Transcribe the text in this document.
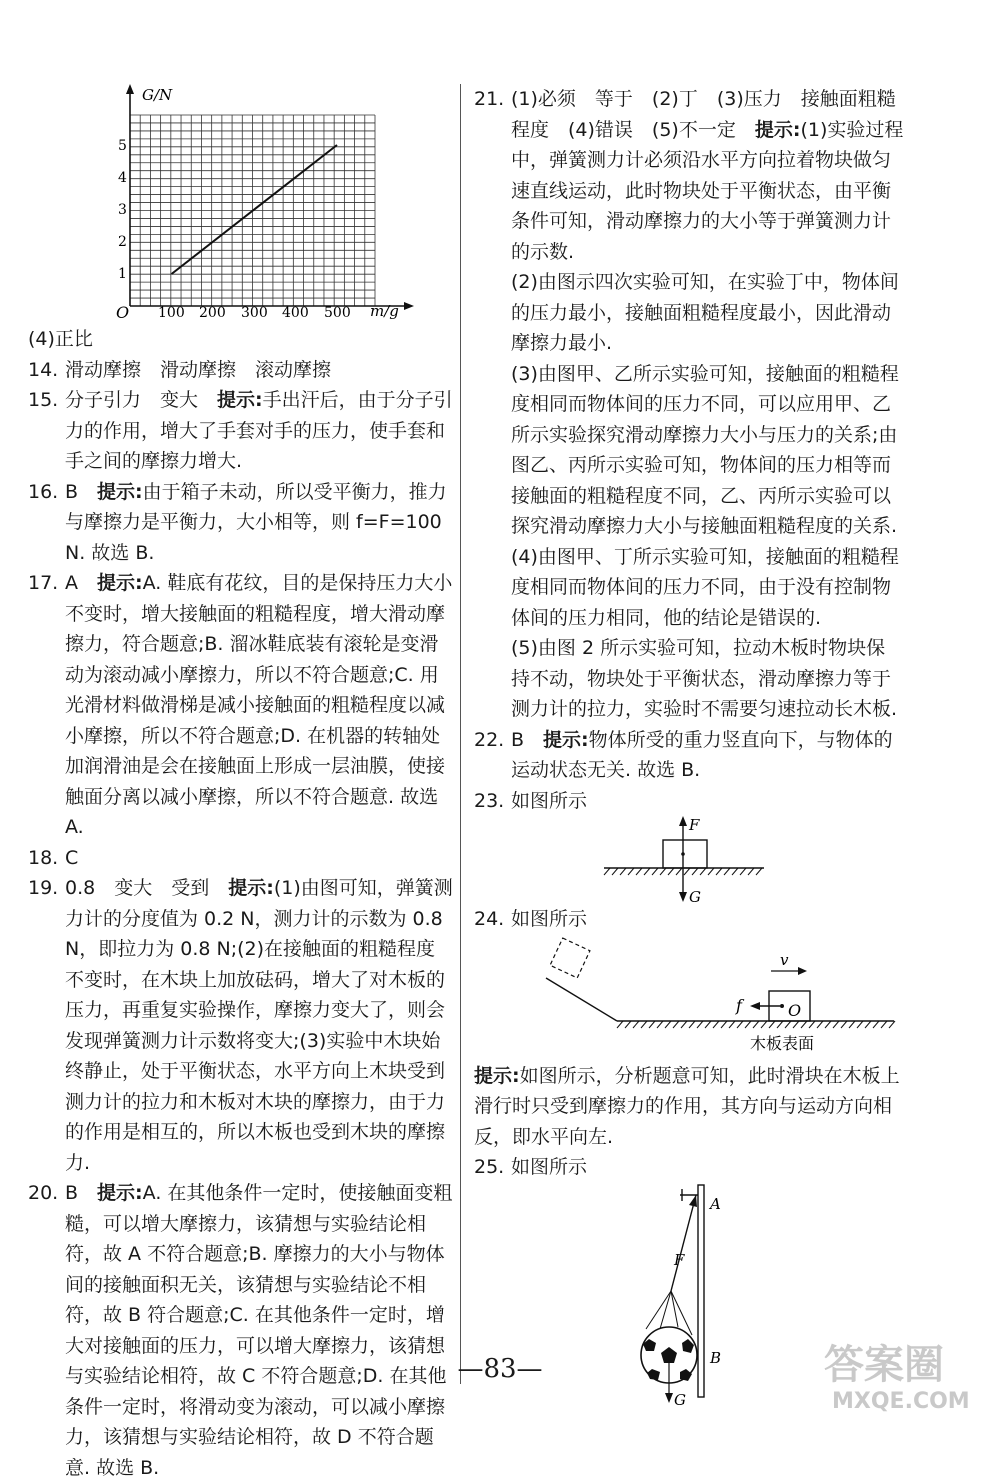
G/N
m/g
O
1
2
3
4
5
100 200 300 400 500
(4)正比
14. 滑动摩擦　滑动摩擦　滚动摩擦
15. 分子引力　变大　提示:手出汗后，由于分子引力的作用，增大了手套对手的压力，使手套和手之间的摩擦力增大.
16. B　提示:由于箱子未动，所以受平衡力，推力与摩擦力是平衡力，大小相等，则 f=F=100 N. 故选 B.
17. A　提示:A. 鞋底有花纹，目的是保持压力大小不变时，增大接触面的粗糙程度，增大滑动摩擦力，符合题意;B. 溜冰鞋底装有滚轮是变滑动为滚动减小摩擦力，所以不符合题意;C. 用光滑材料做滑梯是减小接触面的粗糙程度以减小摩擦，所以不符合题意;D. 在机器的转轴处加润滑油是会在接触面上形成一层油膜，使接触面分离以减小摩擦，所以不符合题意. 故选 A.
18. C
19. 0.8　变大　受到　提示:(1)由图可知，弹簧测力计的分度值为 0.2 N，测力计的示数为 0.8 N，即拉力为 0.8 N;(2)在接触面的粗糙程度不变时，在木块上加放砝码，增大了对木板的压力，再重复实验操作，摩擦力变大了，则会发现弹簧测力计示数将变大;(3)实验中木块始终静止，处于平衡状态，水平方向上木块受到测力计的拉力和木板对木块的摩擦力，由于力的作用是相互的，所以木板也受到木块的摩擦力.
20. B　提示:A. 在其他条件一定时，使接触面变粗糙，可以增大摩擦力，该猜想与实验结论相符，故 A 不符合题意;B. 摩擦力的大小与物体间的接触面积无关，该猜想与实验结论不相符，故 B 符合题意;C. 在其他条件一定时，增大对接触面的压力，可以增大摩擦力，该猜想与实验结论相符，故 C 不符合题意;D. 在其他条件一定时，将滑动变为滚动，可以减小摩擦力，该猜想与实验结论相符，故 D 不符合题意. 故选 B.
21. (1)必须　等于　(2)丁　(3)压力　接触面粗糙程度　(4)错误　(5)不一定　提示:(1)实验过程中，弹簧测力计必须沿水平方向拉着物块做匀速直线运动，此时物块处于平衡状态，由平衡条件可知，滑动摩擦力的大小等于弹簧测力计的示数.
(2)由图示四次实验可知，在实验丁中，物体间的压力最小，接触面粗糙程度最小，因此滑动摩擦力最小.
(3)由图甲、乙所示实验可知，接触面的粗糙程度相同而物体间的压力不同，可以应用甲、乙所示实验探究滑动摩擦力大小与压力的关系;由图乙、丙所示实验可知，物体间的压力相等而接触面的粗糙程度不同，乙、丙所示实验可以探究滑动摩擦力大小与接触面粗糙程度的关系.
(4)由图甲、丁所示实验可知，接触面的粗糙程度相同而物体间的压力不同，由于没有控制物体间的压力相同，他的结论是错误的.
(5)由图 2 所示实验可知，拉动木板时物块保持不动，物块处于平衡状态，滑动摩擦力等于测力计的拉力，实验时不需要匀速拉动长木板.
22. B　提示:物体所受的重力竖直向下，与物体的运动状态无关. 故选 B.
23. 如图所示
F
G
24. 如图所示
v
f	O
木板表面
提示:如图所示，分析题意可知，此时滑块在木板上滑行时只受到摩擦力的作用，其方向与运动方向相反，即水平向左.
25. 如图所示
A
B
F
G
—83—	答案圈
MXQE.COM
